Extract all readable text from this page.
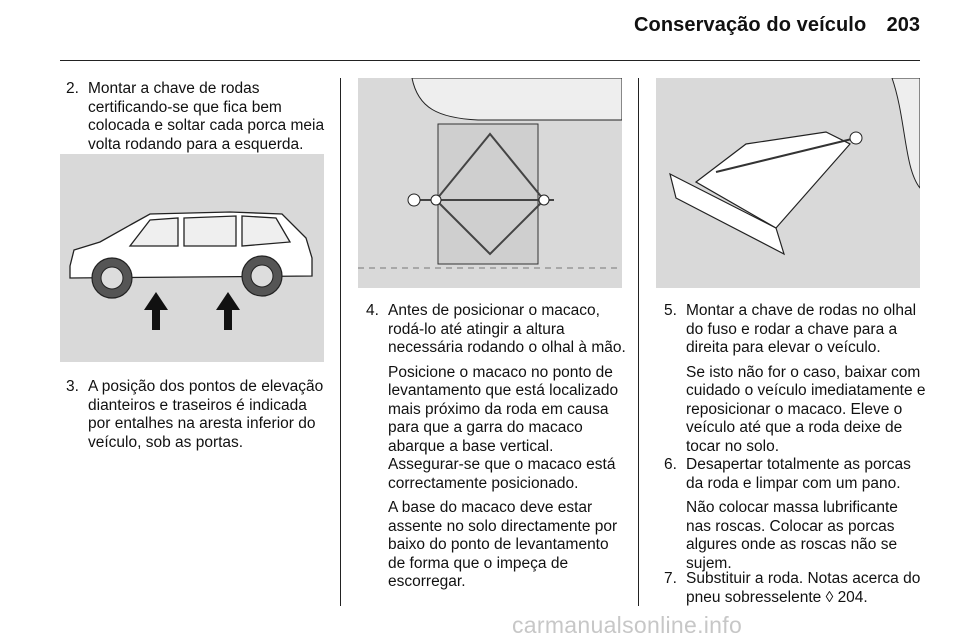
Conservação do veículo	203
2. Montar a chave de rodas certificando-se que fica bem colocada e soltar cada porca meia volta rodando para a esquerda.

3. A posição dos pontos de elevação dianteiros e traseiros é indicada por entalhes na aresta inferior do veículo, sob as portas.

4. Antes de posicionar o macaco, rodá-lo até atingir a altura necessária rodando o olhal à mão.

Posicione o macaco no ponto de levantamento que está localizado mais próximo da roda em causa para que a garra do macaco abarque a base vertical. Assegurar-se que o macaco está correctamente posicionado.

A base do macaco deve estar assente no solo directamente por baixo do ponto de levantamento de forma que o impeça de escorregar.

5. Montar a chave de rodas no olhal do fuso e rodar a chave para a direita para elevar o veículo.

Se isto não for o caso, baixar com cuidado o veículo imediatamente e reposicionar o macaco. Eleve o veículo até que a roda deixe de tocar no solo.

6. Desapertar totalmente as porcas da roda e limpar com um pano.

Não colocar massa lubrificante nas roscas. Colocar as porcas algures onde as roscas não se sujem.

7. Substituir a roda. Notas acerca do pneu sobresselente ◊ 204.

carmanualsonline.info
